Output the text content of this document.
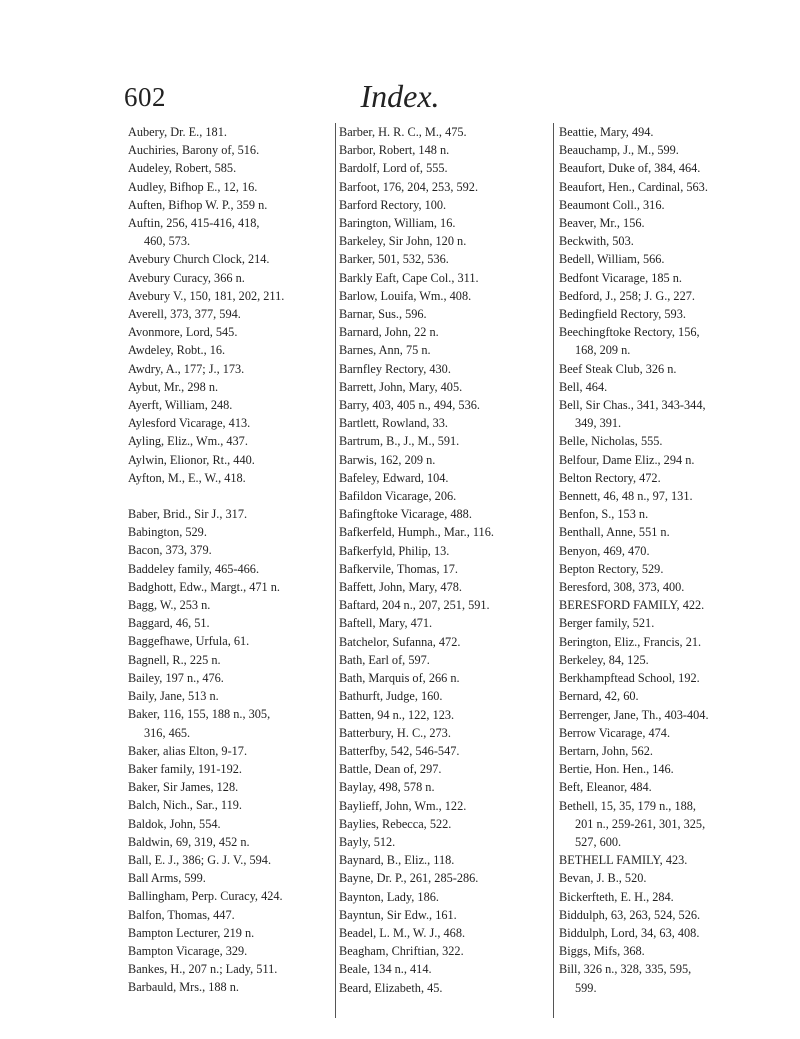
602	Index.
Aubery, Dr. E., 181.
Auchiries, Barony of, 516.
Audeley, Robert, 585.
Audley, Bifhop E., 12, 16.
Auften, Bifhop W. P., 359 n.
Auftin, 256, 415-416, 418,
460, 573.
Avebury Church Clock, 214.
Avebury Curacy, 366 n.
Avebury V., 150, 181, 202, 211.
Averell, 373, 377, 594.
Avonmore, Lord, 545.
Awdeley, Robt., 16.
Awdry, A., 177; J., 173.
Aybut, Mr., 298 n.
Ayerft, William, 248.
Aylesford Vicarage, 413.
Ayling, Eliz., Wm., 437.
Aylwin, Elionor, Rt., 440.
Ayfton, M., E., W., 418.
Baber, Brid., Sir J., 317.
Babington, 529.
Bacon, 373, 379.
Baddeley family, 465-466.
Badghott, Edw., Margt., 471 n.
Bagg, W., 253 n.
Baggard, 46, 51.
Baggefhawe, Urfula, 61.
Bagnell, R., 225 n.
Bailey, 197 n., 476.
Baily, Jane, 513 n.
Baker, 116, 155, 188 n., 305,
316, 465.
Baker, alias Elton, 9-17.
Baker family, 191-192.
Baker, Sir James, 128.
Balch, Nich., Sar., 119.
Baldok, John, 554.
Baldwin, 69, 319, 452 n.
Ball, E. J., 386; G. J. V., 594.
Ball Arms, 599.
Ballingham, Perp. Curacy, 424.
Balfon, Thomas, 447.
Bampton Lecturer, 219 n.
Bampton Vicarage, 329.
Bankes, H., 207 n.; Lady, 511.
Barbauld, Mrs., 188 n.
Barber, H. R. C., M., 475.
Barbor, Robert, 148 n.
Bardolf, Lord of, 555.
Barfoot, 176, 204, 253, 592.
Barford Rectory, 100.
Barington, William, 16.
Barkeley, Sir John, 120 n.
Barker, 501, 532, 536.
Barkly Eaft, Cape Col., 311.
Barlow, Louifa, Wm., 408.
Barnar, Sus., 596.
Barnard, John, 22 n.
Barnes, Ann, 75 n.
Barnfley Rectory, 430.
Barrett, John, Mary, 405.
Barry, 403, 405 n., 494, 536.
Bartlett, Rowland, 33.
Bartrum, B., J., M., 591.
Barwis, 162, 209 n.
Bafeley, Edward, 104.
Bafildon Vicarage, 206.
Bafingftoke Vicarage, 488.
Bafkerfeld, Humph., Mar., 116.
Bafkerfyld, Philip, 13.
Bafkervile, Thomas, 17.
Baffett, John, Mary, 478.
Baftard, 204 n., 207, 251, 591.
Baftell, Mary, 471.
Batchelor, Sufanna, 472.
Bath, Earl of, 597.
Bath, Marquis of, 266 n.
Bathurft, Judge, 160.
Batten, 94 n., 122, 123.
Batterbury, H. C., 273.
Batterfby, 542, 546-547.
Battle, Dean of, 297.
Baylay, 498, 578 n.
Baylieff, John, Wm., 122.
Baylies, Rebecca, 522.
Bayly, 512.
Baynard, B., Eliz., 118.
Bayne, Dr. P., 261, 285-286.
Baynton, Lady, 186.
Bayntun, Sir Edw., 161.
Beadel, L. M., W. J., 468.
Beagham, Chriftian, 322.
Beale, 134 n., 414.
Beard, Elizabeth, 45.
Beattie, Mary, 494.
Beauchamp, J., M., 599.
Beaufort, Duke of, 384, 464.
Beaufort, Hen., Cardinal, 563.
Beaumont Coll., 316.
Beaver, Mr., 156.
Beckwith, 503.
Bedell, William, 566.
Bedfont Vicarage, 185 n.
Bedford, J., 258; J. G., 227.
Bedingfield Rectory, 593.
Beechingftoke Rectory, 156,
168, 209 n.
Beef Steak Club, 326 n.
Bell, 464.
Bell, Sir Chas., 341, 343-344,
349, 391.
Belle, Nicholas, 555.
Belfour, Dame Eliz., 294 n.
Belton Rectory, 472.
Bennett, 46, 48 n., 97, 131.
Benfon, S., 153 n.
Benthall, Anne, 551 n.
Benyon, 469, 470.
Bepton Rectory, 529.
Beresford, 308, 373, 400.
BERESFORD FAMILY, 422.
Berger family, 521.
Berington, Eliz., Francis, 21.
Berkeley, 84, 125.
Berkhampftead School, 192.
Bernard, 42, 60.
Berrenger, Jane, Th., 403-404.
Berrow Vicarage, 474.
Bertarn, John, 562.
Bertie, Hon. Hen., 146.
Beft, Eleanor, 484.
Bethell, 15, 35, 179 n., 188,
201 n., 259-261, 301, 325,
527, 600.
BETHELL FAMILY, 423.
Bevan, J. B., 520.
Bickerfteth, E. H., 284.
Biddulph, 63, 263, 524, 526.
Biddulph, Lord, 34, 63, 408.
Biggs, Mifs, 368.
Bill, 326 n., 328, 335, 595,
599.
